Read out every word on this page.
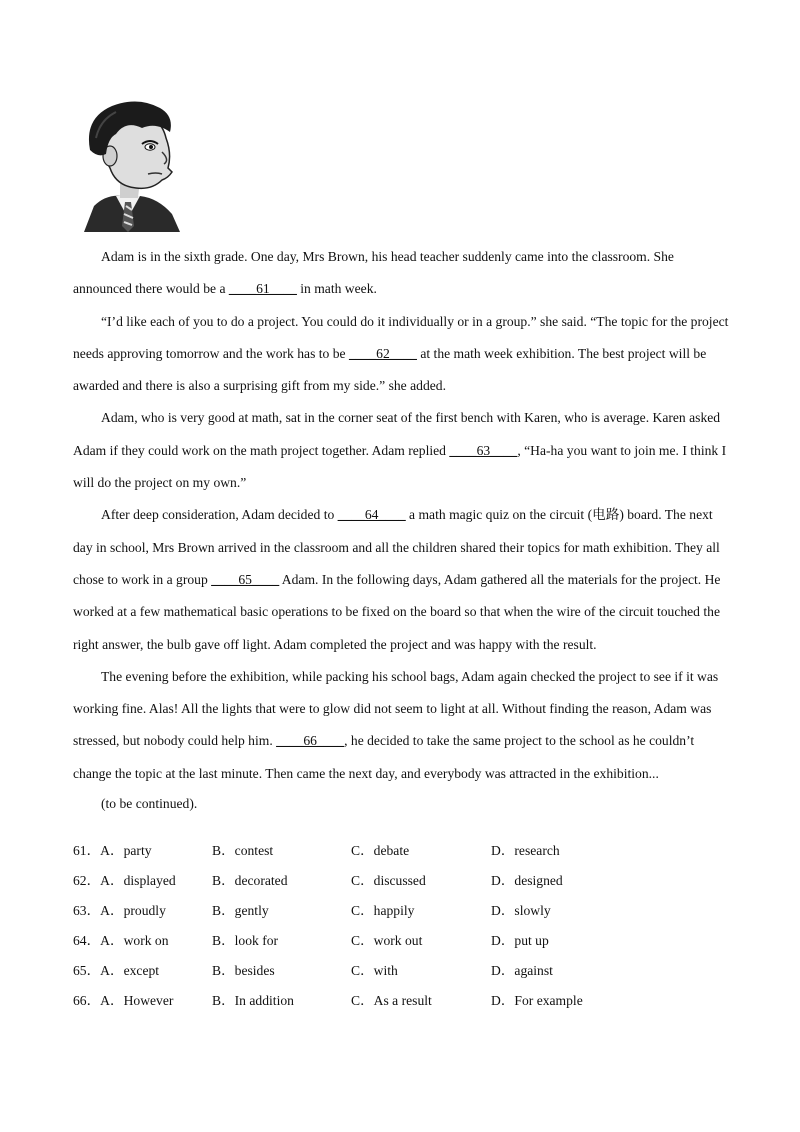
Adam is in the sixth grade. One day, Mrs Brown, his head teacher suddenly came into the classroom. She announced there would be a ____61____ in math week.

“I’d like each of you to do a project. You could do it individually or in a group.” she said. “The topic for the project needs approving tomorrow and the work has to be ____62____ at the math week exhibition. The best project will be awarded and there is also a surprising gift from my side.” she added.

Adam, who is very good at math, sat in the corner seat of the first bench with Karen, who is average. Karen asked Adam if they could work on the math project together. Adam replied ____63____, “Ha-ha you want to join me. I think I will do the project on my own.”

After deep consideration, Adam decided to ____64____ a math magic quiz on the circuit (电路) board. The next day in school, Mrs Brown arrived in the classroom and all the children shared their topics for math exhibition. They all chose to work in a group ____65____ Adam. In the following days, Adam gathered all the materials for the project. He worked at a few mathematical basic operations to be fixed on the board so that when the wire of the circuit touched the right answer, the bulb gave off light. Adam completed the project and was happy with the result.

The evening before the exhibition, while packing his school bags, Adam again checked the project to see if it was working fine. Alas! All the lights that were to glow did not seem to light at all. Without finding the reason, Adam was stressed, but nobody could help him. ____66____, he decided to take the same project to the school as he couldn’t change the topic at the last minute. Then came the next day, and everybody was attracted in the exhibition...

(to be continued).

61．A．party	B．contest	C．debate	D．research
62．A．displayed	B．decorated	C．discussed	D．designed
63．A．proudly	B．gently	C．happily	D．slowly
64．A．work on	B．look for	C．work out	D．put up
65．A．except	B．besides	C．with	D．against
66．A．However	B．In addition	C．As a result	D．For example
